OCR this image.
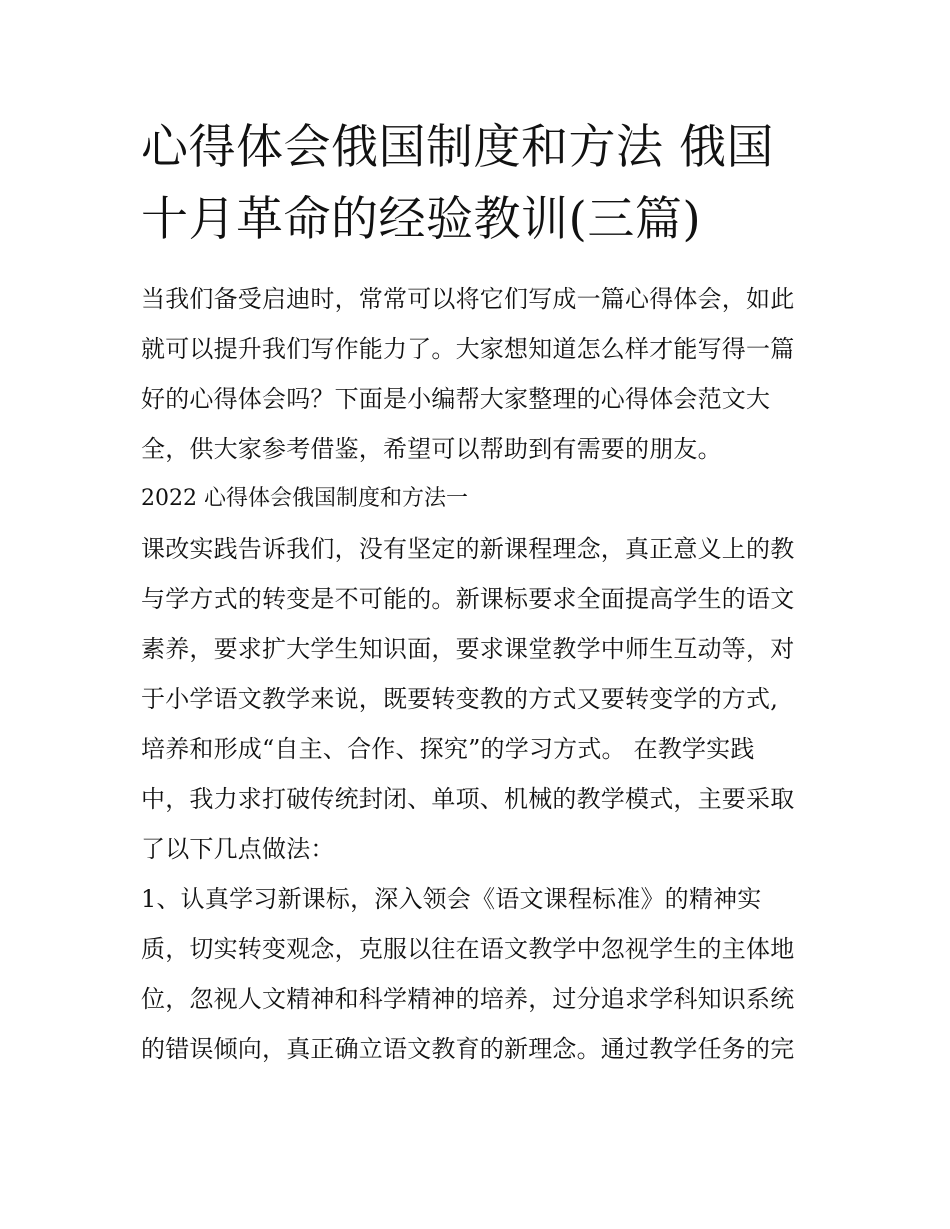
心得体会俄国制度和方法 俄国
十月革命的经验教训(三篇)
当我们备受启迪时，常常可以将它们写成一篇心得体会，如此
就可以提升我们写作能力了。大家想知道怎么样才能写得一篇
好的心得体会吗？下面是小编帮大家整理的心得体会范文大
全，供大家参考借鉴，希望可以帮助到有需要的朋友。
2022 心得体会俄国制度和方法一
课改实践告诉我们，没有坚定的新课程理念，真正意义上的教
与学方式的转变是不可能的。新课标要求全面提高学生的语文
素养，要求扩大学生知识面，要求课堂教学中师生互动等，对
于小学语文教学来说，既要转变教的方式又要转变学的方式,
培养和形成“自主、合作、探究”的学习方式。 在教学实践
中，我力求打破传统封闭、单项、机械的教学模式，主要采取
了以下几点做法：
1、认真学习新课标，深入领会《语文课程标准》的精神实
质，切实转变观念，克服以往在语文教学中忽视学生的主体地
位，忽视人文精神和科学精神的培养，过分追求学科知识系统
的错误倾向，真正确立语文教育的新理念。通过教学任务的完
